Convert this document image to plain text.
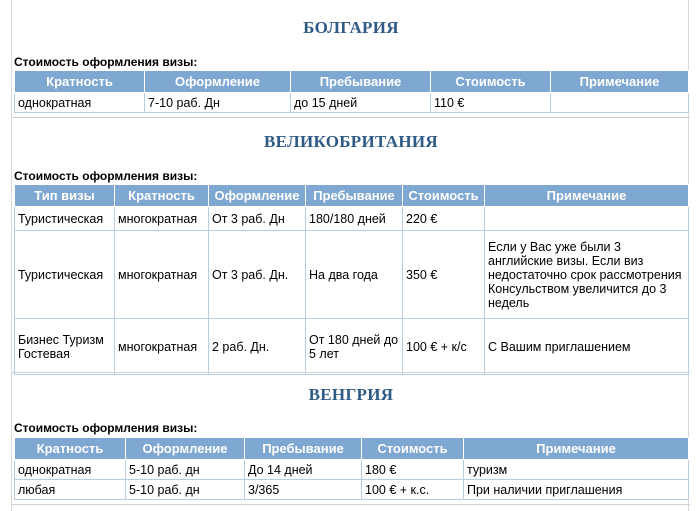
БОЛГАРИЯ
Стоимость оформления визы:
Кратность	Оформление	Пребывание	Стоимость	Примечание
однократная	7-10 раб. Дн	до 15 дней	110 €	
ВЕЛИКОБРИТАНИЯ
Стоимость оформления визы:
Тип визы	Кратность	Оформление	Пребывание	Стоимость	Примечание
Туристическая	многократная	От 3 раб. Дн	180/180 дней	220 €	
Туристическая	многократная	От 3 раб. Дн.	На два года	350 €	Если у Вас уже были 3 английские визы. Если виз недостаточно срок рассмотрения Консульством увеличится до 3 недель
Бизнес Туризм Гостевая	многократная	2 раб. Дн.	От 180 дней до 5 лет	100 € + к/с	С Вашим приглашением
ВЕНГРИЯ
Стоимость оформления визы:
Кратность	Оформление	Пребывание	Стоимость	Примечание
однократная	5-10 раб. дн	До 14 дней	180 €	туризм
любая	5-10 раб. дн	3/365	100 € + к.с.	При наличии приглашения
